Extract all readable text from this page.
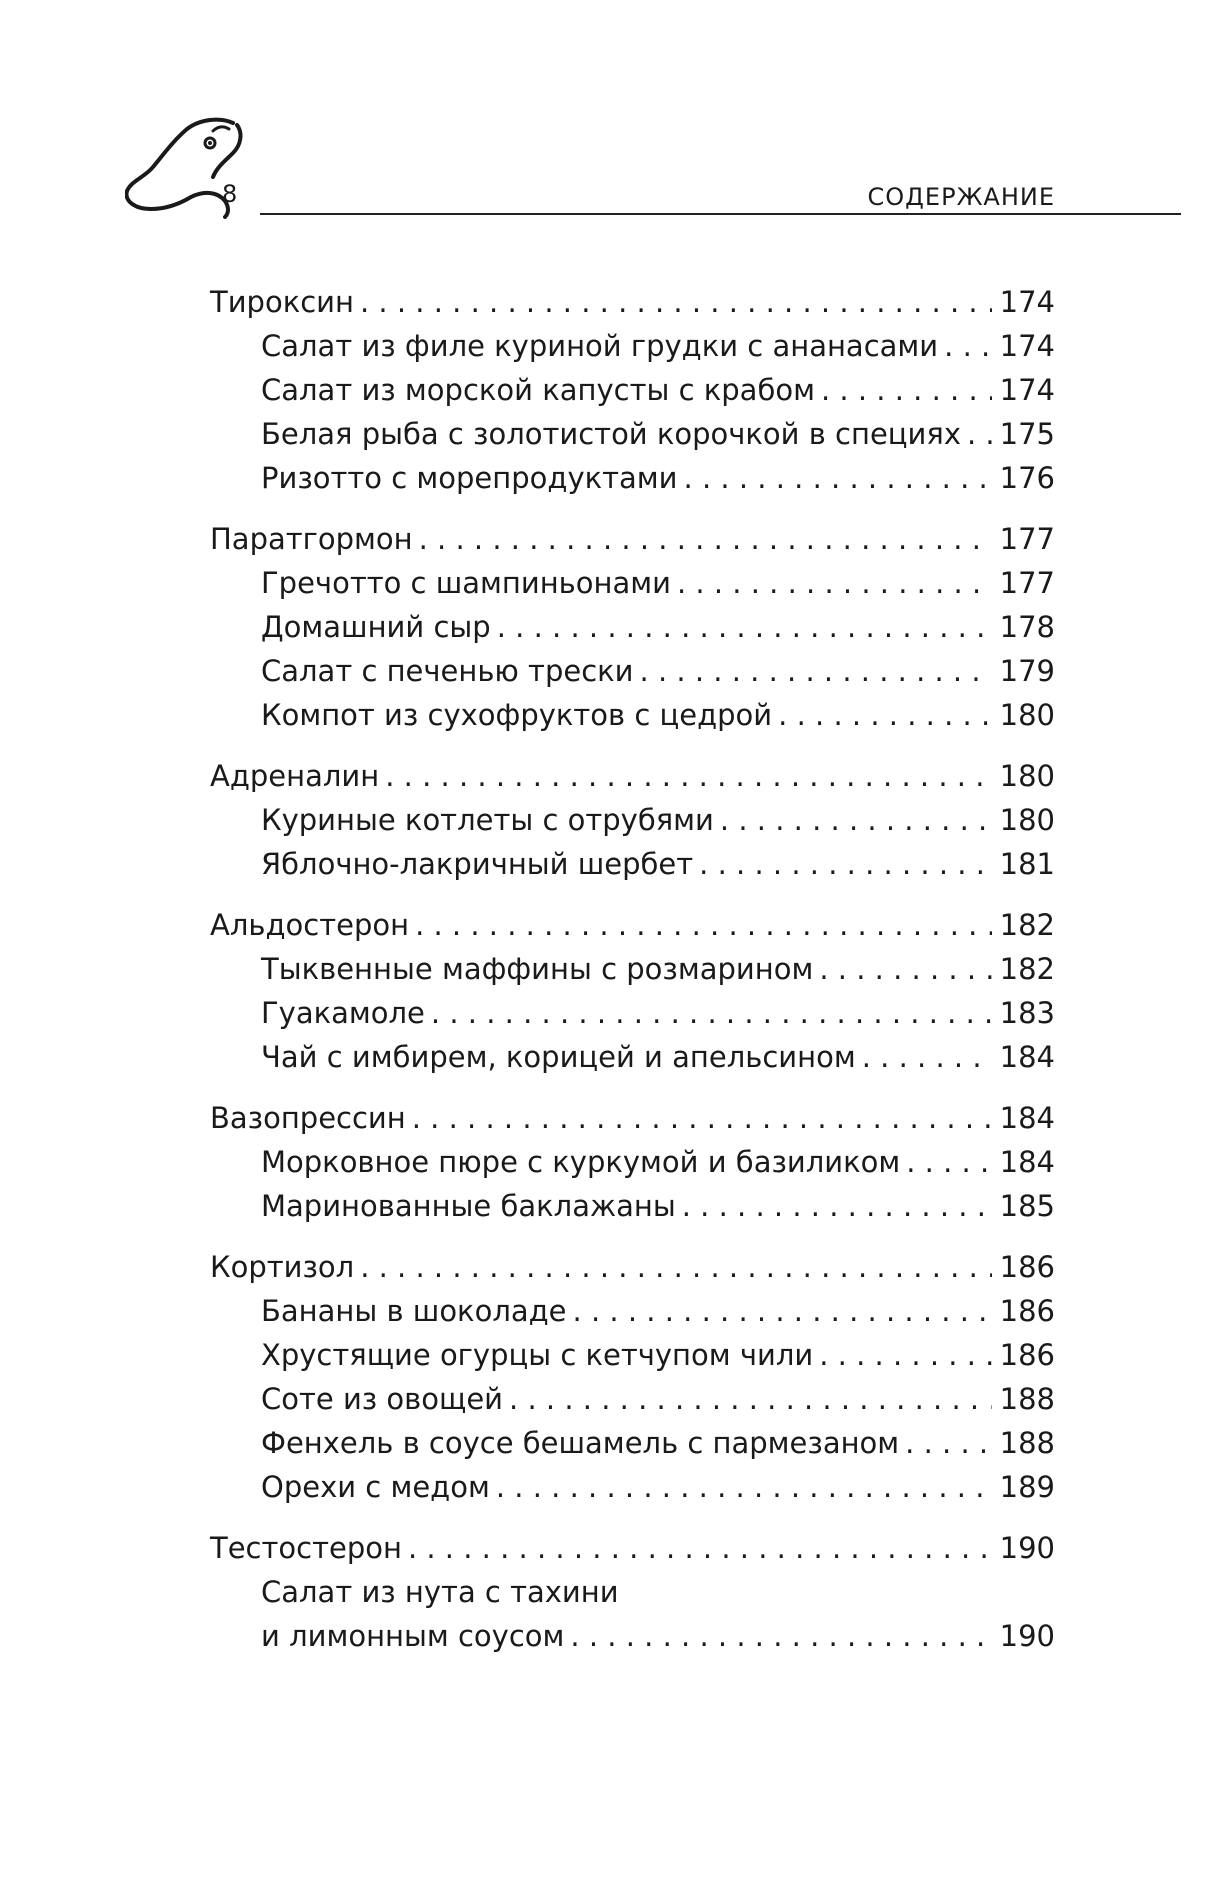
8	СОДЕРЖАНИЕ
Тироксин . . .	174
Салат из филе куриной грудки с ананасами . . . 174
Салат из морской капусты с крабом . . .	174
Белая рыба с золотистой корочкой в специях . . . 175
Ризотто с морепродуктами . . .	176
Паратгормон . . .	177
Гречотто с шампиньонами . . .	177
Домашний сыр . . .	178
Салат с печенью трески . . .	179
Компот из сухофруктов с цедрой . . .	180
Адреналин . . .	180
Куриные котлеты с отрубями . . .	180
Яблочно-лакричный шербет . . .	181
Альдостерон . . .	182
Тыквенные маффины с розмарином . . .	182
Гуакамоле . . .	183
Чай с имбирем, корицей и апельсином . . .	184
Вазопрессин . . .	184
Морковное пюре с куркумой и базиликом . . .	184
Маринованные баклажаны . . .	185
Кортизол . . .	186
Бананы в шоколаде . . .	186
Хрустящие огурцы с кетчупом чили . . .	186
Соте из овощей . . .	188
Фенхель в соусе бешамель с пармезаном . . .	188
Орехи с медом . . .	189
Тестостерон . . .	190
Салат из нута с тахини
и лимонным соусом . . .	190
